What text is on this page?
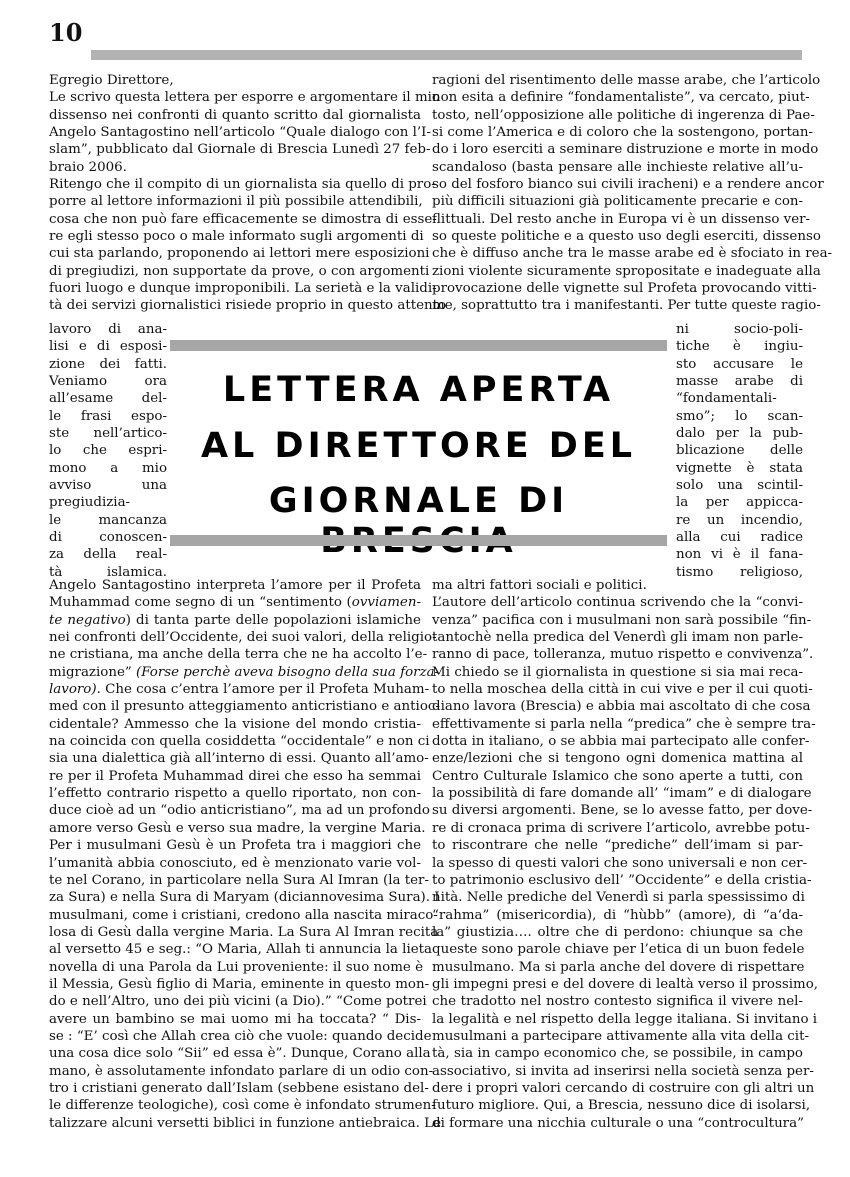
10
Egregio Direttore,
Le scrivo questa lettera per esporre e argomentare il mio
dissenso nei confronti di quanto scritto dal giornalista
Angelo Santagostino nell’articolo “Quale dialogo con l’I-
slam”, pubblicato dal Giornale di Brescia Lunedì 27 feb-
braio 2006.
Ritengo che il compito di un giornalista sia quello di pro-
porre al lettore informazioni il più possibile attendibili,
cosa che non può fare efficacemente se dimostra di esse-
re egli stesso poco o male informato sugli argomenti di
cui sta parlando, proponendo ai lettori mere esposizioni
di pregiudizi, non supportate da prove, o con argomenti
fuori luogo e dunque improponibili. La serietà e la validi-
tà dei servizi giornalistici risiede proprio in questo attento
ragioni del risentimento delle masse arabe, che l’articolo
non esita a definire “fondamentaliste”, va cercato, piut-
tosto, nell’opposizione alle politiche di ingerenza di Pae-
si come l’America e di coloro che la sostengono, portan-
do i loro eserciti a seminare distruzione e morte in modo
scandaloso (basta pensare alle inchieste relative all’u-
so del fosforo bianco sui civili iracheni) e a rendere ancor
più difficili situazioni già politicamente precarie e con-
flittuali. Del resto anche in Europa vi è un dissenso ver-
so queste politiche e a questo uso degli eserciti, dissenso
che è diffuso anche tra le masse arabe ed è sfociato in rea-
zioni violente sicuramente spropositate e inadeguate alla
provocazione delle vignette sul Profeta provocando vitti-
me, soprattutto tra i manifestanti. Per tutte queste ragio-
lavoro di ana-
lisi e di esposi-
zione dei fatti.
Veniamo ora
all’esame del-
le frasi espo-
ste nell’artico-
lo che espri-
mono a mio
avviso una
pregiudizia-
le mancanza
di conoscen-
za della real-
tà islamica.
ni socio-poli-
tiche è ingiu-
sto accusare le
masse arabe di
“fondamentali-
smo”; lo scan-
dalo per la pub-
blicazione delle
vignette è stata
solo una scintil-
la per appicca-
re un incendio,
alla cui radice
non vi è il fana-
tismo religioso,
LETTERA APERTA
AL DIRETTORE DEL
GIORNALE DI
Angelo Santagostino interpreta l’amore per il Profeta
Muhammad come segno di un “sentimento (ovviamen-
te negativo) di tanta parte delle popolazioni islamiche
nei confronti dell’Occidente, dei suoi valori, della religio-
ne cristiana, ma anche della terra che ne ha accolto l’e-
migrazione” (Forse perchè aveva bisogno della sua forza-
lavoro). Che cosa c’entra l’amore per il Profeta Muham-
med con il presunto atteggiamento anticristiano e antioc-
cidentale? Ammesso che la visione del mondo cristia-
na coincida con quella cosiddetta “occidentale” e non ci
sia una dialettica già all’interno di essi. Quanto all’amo-
re per il Profeta Muhammad direi che esso ha semmai
l’effetto contrario rispetto a quello riportato, non con-
duce cioè ad un “odio anticristiano”, ma ad un profondo
amore verso Gesù e verso sua madre, la vergine Maria.
Per i musulmani Gesù è un Profeta tra i maggiori che
l’umanità abbia conosciuto, ed è menzionato varie vol-
te nel Corano, in particolare nella Sura Al Imran (la ter-
za Sura) e nella Sura di Maryam (diciannovesima Sura). I
musulmani, come i cristiani, credono alla nascita miraco-
losa di Gesù dalla vergine Maria. La Sura Al Imran recita
al versetto 45 e seg.: “O Maria, Allah ti annuncia la lieta
novella di una Parola da Lui proveniente: il suo nome è
il Messia, Gesù figlio di Maria, eminente in questo mon-
do e nell’Altro, uno dei più vicini (a Dio).” “Come potrei
avere un bambino se mai uomo mi ha toccata? “ Dis-
se : “E’ così che Allah crea ciò che vuole: quando decide
una cosa dice solo “Sii” ed essa è”. Dunque, Corano alla
mano, è assolutamente infondato parlare di un odio con-
tro i cristiani generato dall’Islam (sebbene esistano del-
le differenze teologiche), così come è infondato strumen-
talizzare alcuni versetti biblici in funzione antiebraica. Le
ma altri fattori sociali e politici.
L’autore dell’articolo continua scrivendo che la “convi-
venza” pacifica con i musulmani non sarà possibile “fin-
tantochè nella predica del Venerdì gli imam non parle-
ranno di pace, tolleranza, mutuo rispetto e convivenza”.
Mi chiedo se il giornalista in questione si sia mai reca-
to nella moschea della città in cui vive e per il cui quoti-
diano lavora (Brescia) e abbia mai ascoltato di che cosa
effettivamente si parla nella “predica” che è sempre tra-
dotta in italiano, o se abbia mai partecipato alle confer-
enze/lezioni che si tengono ogni domenica mattina al
Centro Culturale Islamico che sono aperte a tutti, con
la possibilità di fare domande all’ “imam” e di dialogare
su diversi argomenti. Bene, se lo avesse fatto, per dove-
re di cronaca prima di scrivere l’articolo, avrebbe potu-
to riscontrare che nelle “prediche” dell’imam si par-
la spesso di questi valori che sono universali e non cer-
to patrimonio esclusivo dell’ ”Occidente” e della cristia-
nità. Nelle prediche del Venerdì si parla spessissimo di
“rahma” (misericordia), di “hùbb” (amore), di “a‘da-
la” giustizia…. oltre che di perdono: chiunque sa che
queste sono parole chiave per l’etica di un buon fedele
musulmano. Ma si parla anche del dovere di rispettare
gli impegni presi e del dovere di lealtà verso il prossimo,
che tradotto nel nostro contesto significa il vivere nel-
la legalità e nel rispetto della legge italiana. Si invitano i
musulmani a partecipare attivamente alla vita della cit-
tà, sia in campo economico che, se possibile, in campo
associativo, si invita ad inserirsi nella società senza per-
dere i propri valori cercando di costruire con gli altri un
futuro migliore. Qui, a Brescia, nessuno dice di isolarsi,
di formare una nicchia culturale o una “controcultura”
